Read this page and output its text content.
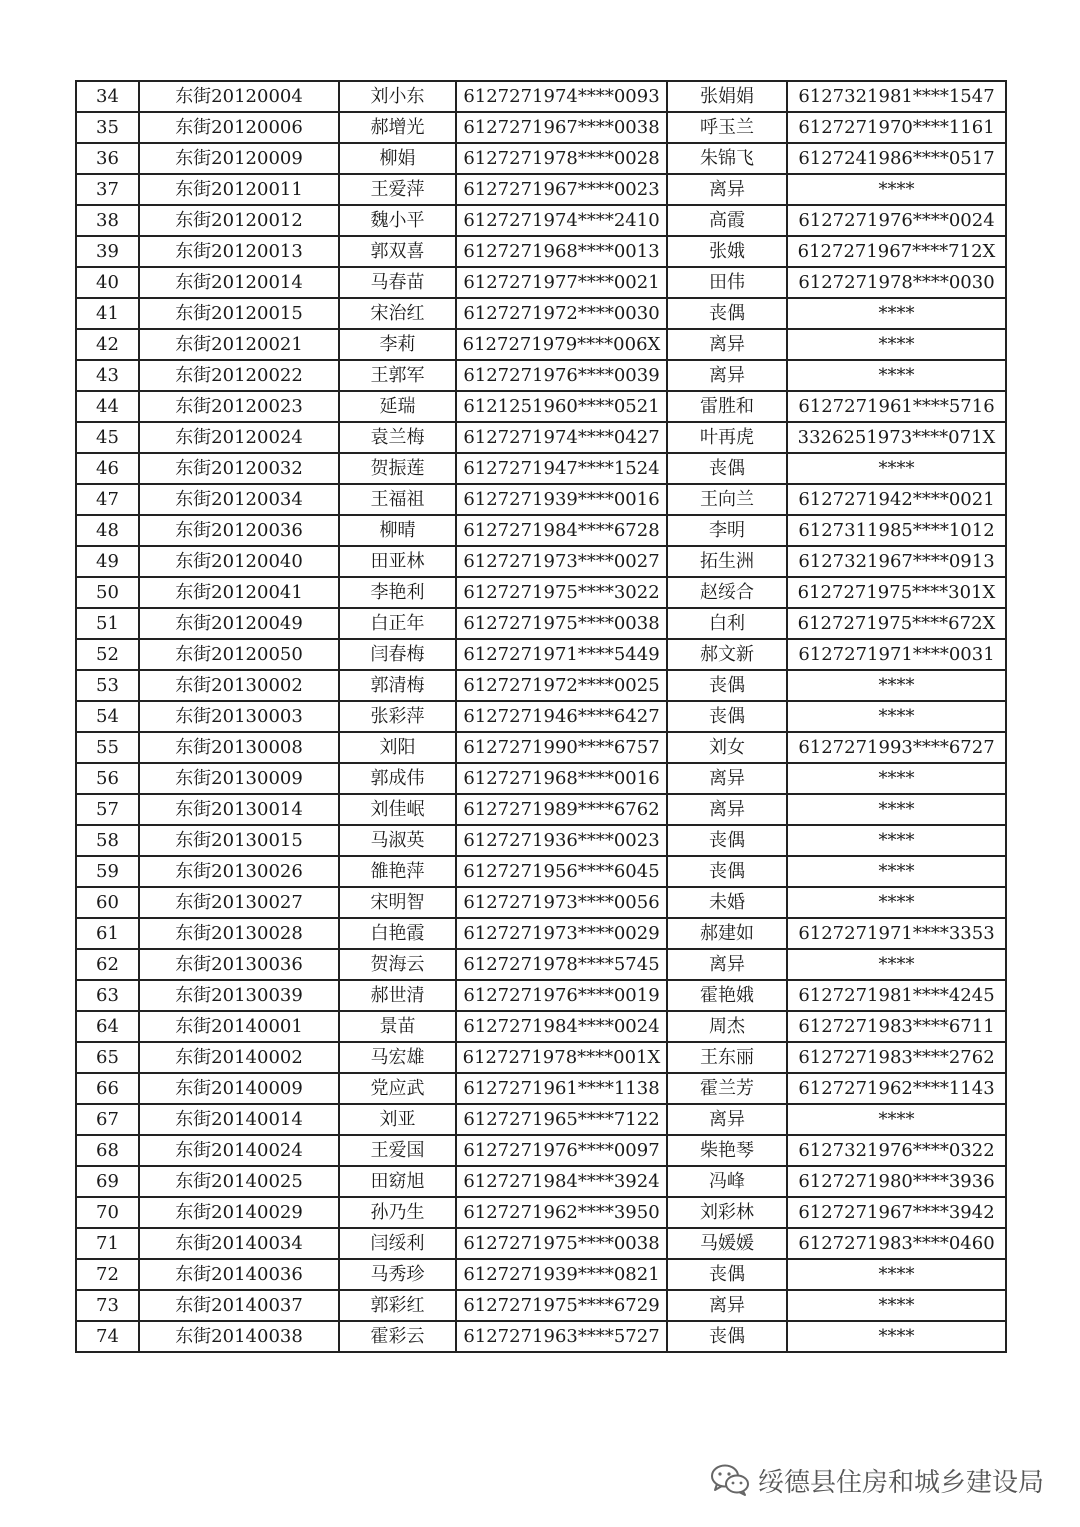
34	东街20120004	刘小东	6127271974****0093	张娟娟	6127321981****1547
35	东街20120006	郝增光	6127271967****0038	呼玉兰	6127271970****1161
36	东街20120009	柳娟	6127271978****0028	朱锦飞	6127241986****0517
37	东街20120011	王爱萍	6127271967****0023	离异	****
38	东街20120012	魏小平	6127271974****2410	高霞	6127271976****0024
39	东街20120013	郭双喜	6127271968****0013	张娥	6127271967****712X
40	东街20120014	马春苗	6127271977****0021	田伟	6127271978****0030
41	东街20120015	宋治红	6127271972****0030	丧偶	****
42	东街20120021	李莉	6127271979****006X	离异	****
43	东街20120022	王郭军	6127271976****0039	离异	****
44	东街20120023	延瑞	6121251960****0521	雷胜和	6127271961****5716
45	东街20120024	袁兰梅	6127271974****0427	叶再虎	3326251973****071X
46	东街20120032	贺振莲	6127271947****1524	丧偶	****
47	东街20120034	王福祖	6127271939****0016	王向兰	6127271942****0021
48	东街20120036	柳晴	6127271984****6728	李明	6127311985****1012
49	东街20120040	田亚林	6127271973****0027	拓生洲	6127321967****0913
50	东街20120041	李艳利	6127271975****3022	赵绥合	6127271975****301X
51	东街20120049	白正年	6127271975****0038	白利	6127271975****672X
52	东街20120050	闫春梅	6127271971****5449	郝文新	6127271971****0031
53	东街20130002	郭清梅	6127271972****0025	丧偶	****
54	东街20130003	张彩萍	6127271946****6427	丧偶	****
55	东街20130008	刘阳	6127271990****6757	刘女	6127271993****6727
56	东街20130009	郭成伟	6127271968****0016	离异	****
57	东街20130014	刘佳岷	6127271989****6762	离异	****
58	东街20130015	马淑英	6127271936****0023	丧偶	****
59	东街20130026	雒艳萍	6127271956****6045	丧偶	****
60	东街20130027	宋明智	6127271973****0056	未婚	****
61	东街20130028	白艳霞	6127271973****0029	郝建如	6127271971****3353
62	东街20130036	贺海云	6127271978****5745	离异	****
63	东街20130039	郝世清	6127271976****0019	霍艳娥	6127271981****4245
64	东街20140001	景苗	6127271984****0024	周杰	6127271983****6711
65	东街20140002	马宏雄	6127271978****001X	王东丽	6127271983****2762
66	东街20140009	党应武	6127271961****1138	霍兰芳	6127271962****1143
67	东街20140014	刘亚	6127271965****7122	离异	****
68	东街20140024	王爱国	6127271976****0097	柴艳琴	6127321976****0322
69	东街20140025	田窈旭	6127271984****3924	冯峰	6127271980****3936
70	东街20140029	孙乃生	6127271962****3950	刘彩林	6127271967****3942
71	东街20140034	闫绥利	6127271975****0038	马媛媛	6127271983****0460
72	东街20140036	马秀珍	6127271939****0821	丧偶	****
73	东街20140037	郭彩红	6127271975****6729	离异	****
74	东街20140038	霍彩云	6127271963****5727	丧偶	****
绥德县住房和城乡建设局
